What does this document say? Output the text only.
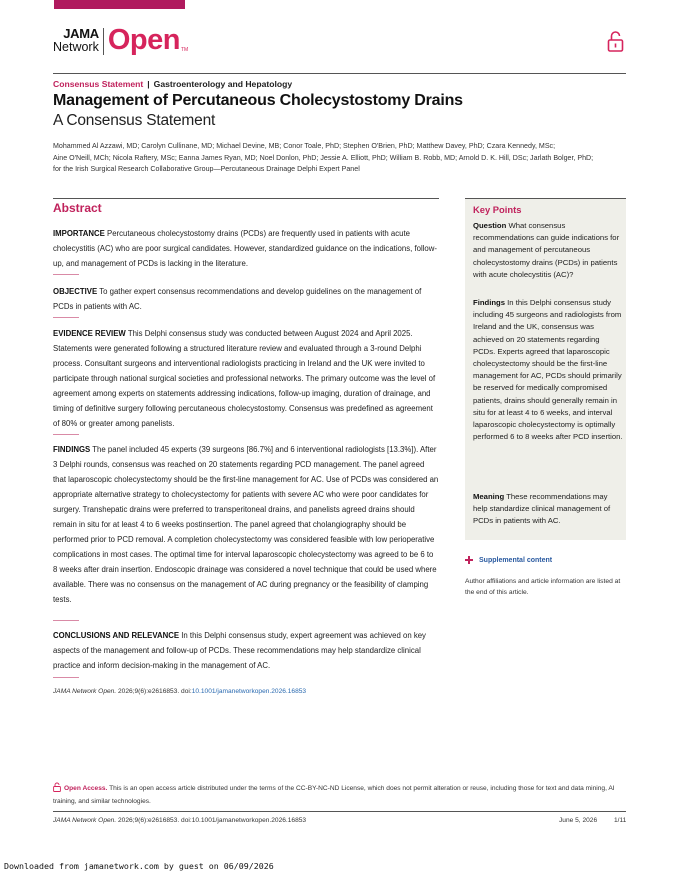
JAMA
Network Open TM
Consensus Statement | Gastroenterology and Hepatology
Management of Percutaneous Cholecystostomy Drains
A Consensus Statement
Mohammed Al Azzawi, MD; Carolyn Cullinane, MD; Michael Devine, MB; Conor Toale, PhD; Stephen O'Brien, PhD; Matthew Davey, PhD; Czara Kennedy, MSc;
Aine O'Neill, MCh; Nicola Raftery, MSc; Eanna James Ryan, MD; Noel Donlon, PhD; Jessie A. Elliott, PhD; William B. Robb, MD; Arnold D. K. Hill, DSc; Jarlath Bolger, PhD;
for the Irish Surgical Research Collaborative Group—Percutaneous Drainage Delphi Expert Panel
Abstract
IMPORTANCE Percutaneous cholecystostomy drains (PCDs) are frequently used in patients with acute cholecystitis (AC) who are poor surgical candidates. However, standardized guidance on the indications, follow-up, and management of PCDs is lacking in the literature.
OBJECTIVE To gather expert consensus recommendations and develop guidelines on the management of PCDs in patients with AC.
EVIDENCE REVIEW This Delphi consensus study was conducted between August 2024 and April 2025. Statements were generated following a structured literature review and evaluated through a 3-round Delphi process. Consultant surgeons and interventional radiologists practicing in Ireland and the UK were invited to participate through national surgical societies and professional networks. The primary outcome was the level of agreement among experts on statements addressing indications, follow-up imaging, duration of drainage, and timing of definitive surgery following percutaneous cholecystostomy. Consensus was predefined as agreement of 80% or greater among panelists.
FINDINGS The panel included 45 experts (39 surgeons [86.7%] and 6 interventional radiologists [13.3%]). After 3 Delphi rounds, consensus was reached on 20 statements regarding PCD management. The panel agreed that laparoscopic cholecystectomy should be the first-line management for AC. Use of PCDs was considered an appropriate alternative strategy to cholecystectomy for patients with severe AC who were poor candidates for surgery. Transhepatic drains were preferred to transperitoneal drains, and panelists agreed drains should remain in situ for at least 4 to 6 weeks postinsertion. The panel agreed that cholangiography should be performed prior to PCD removal. A completion cholecystectomy was considered feasible with low perioperative complications in most cases. The optimal time for interval laparoscopic cholecystectomy was agreed to be 6 to 8 weeks after drain insertion. Endoscopic drainage was considered a novel technique that could be used where available. There was no consensus on the management of AC during pregnancy or the feasibility of clamping tests.
CONCLUSIONS AND RELEVANCE In this Delphi consensus study, expert agreement was achieved on key aspects of the management and follow-up of PCDs. These recommendations may help standardize clinical practice and inform decision-making in the management of AC.
JAMA Network Open. 2026;9(6):e2616853. doi:10.1001/jamanetworkopen.2026.16853
Key Points
Question What consensus recommendations can guide indications for and management of percutaneous cholecystostomy drains (PCDs) in patients with acute cholecystitis (AC)?
Findings In this Delphi consensus study including 45 surgeons and radiologists from Ireland and the UK, consensus was achieved on 20 statements regarding PCDs. Experts agreed that laparoscopic cholecystectomy should be the first-line management for AC, PCDs should primarily be reserved for medically compromised patients, drains should generally remain in situ for at least 4 to 6 weeks, and interval laparoscopic cholecystectomy is optimally performed 6 to 8 weeks after PCD insertion.
Meaning These recommendations may help standardize clinical management of PCDs in patients with AC.
Supplemental content
Author affiliations and article information are listed at the end of this article.
Open Access. This is an open access article distributed under the terms of the CC-BY-NC-ND License, which does not permit alteration or reuse, including those for text and data mining, AI training, and similar technologies.
JAMA Network Open. 2026;9(6):e2616853. doi:10.1001/jamanetworkopen.2026.16853	June 5, 2026	1/11
Downloaded from jamanetwork.com by guest on 06/09/2026
